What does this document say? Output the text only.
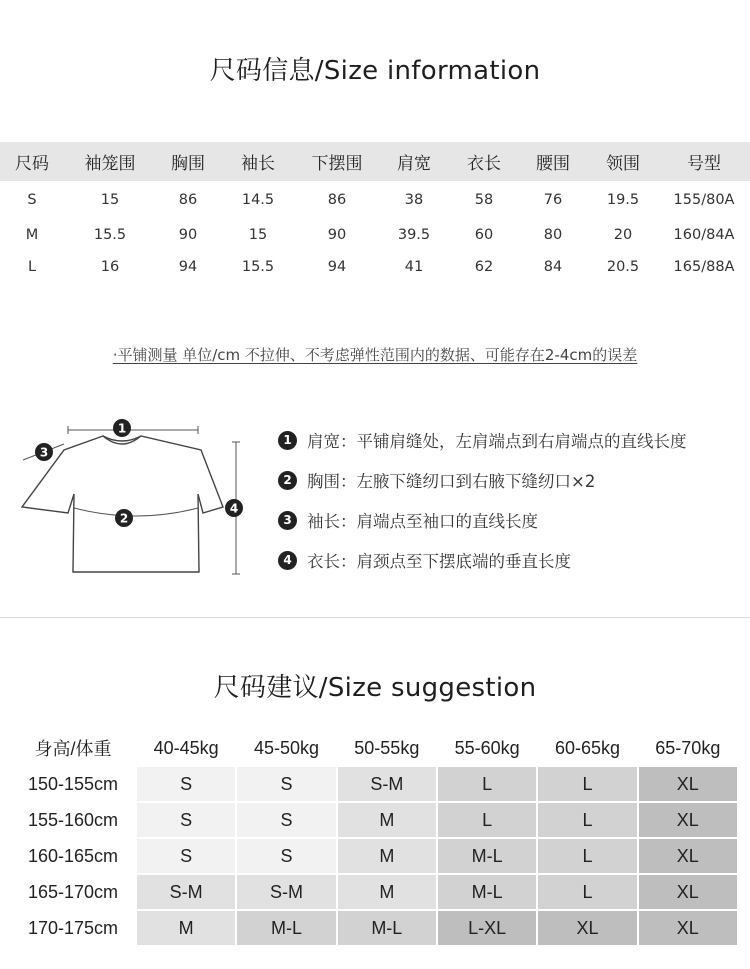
尺码信息/Size information
尺码	袖笼围	胸围	袖长	下摆围	肩宽	衣长	腰围	领围	号型
S	15	86	14.5	86	38	58	76	19.5	155/80A
M	15.5	90	15	90	39.5	60	80	20	160/84A
L	16	94	15.5	94	41	62	84	20.5	165/88A
·平铺测量 单位/cm 不拉伸、不考虑弹性范围内的数据、可能存在2-4cm的误差
1
2
3
4
1 肩宽：平铺肩缝处，左肩端点到右肩端点的直线长度
2 胸围：左腋下缝纫口到右腋下缝纫口×2
3 袖长：肩端点至袖口的直线长度
4 衣长：肩颈点至下摆底端的垂直长度
尺码建议/Size suggestion
身高/体重	40-45kg	45-50kg	50-55kg	55-60kg	60-65kg	65-70kg
150-155cm	S	S	S-M	L	L	XL
155-160cm	S	S	M	L	L	XL
160-165cm	S	S	M	M-L	L	XL
165-170cm	S-M	S-M	M	M-L	L	XL
170-175cm	M	M-L	M-L	L-XL	XL	XL
